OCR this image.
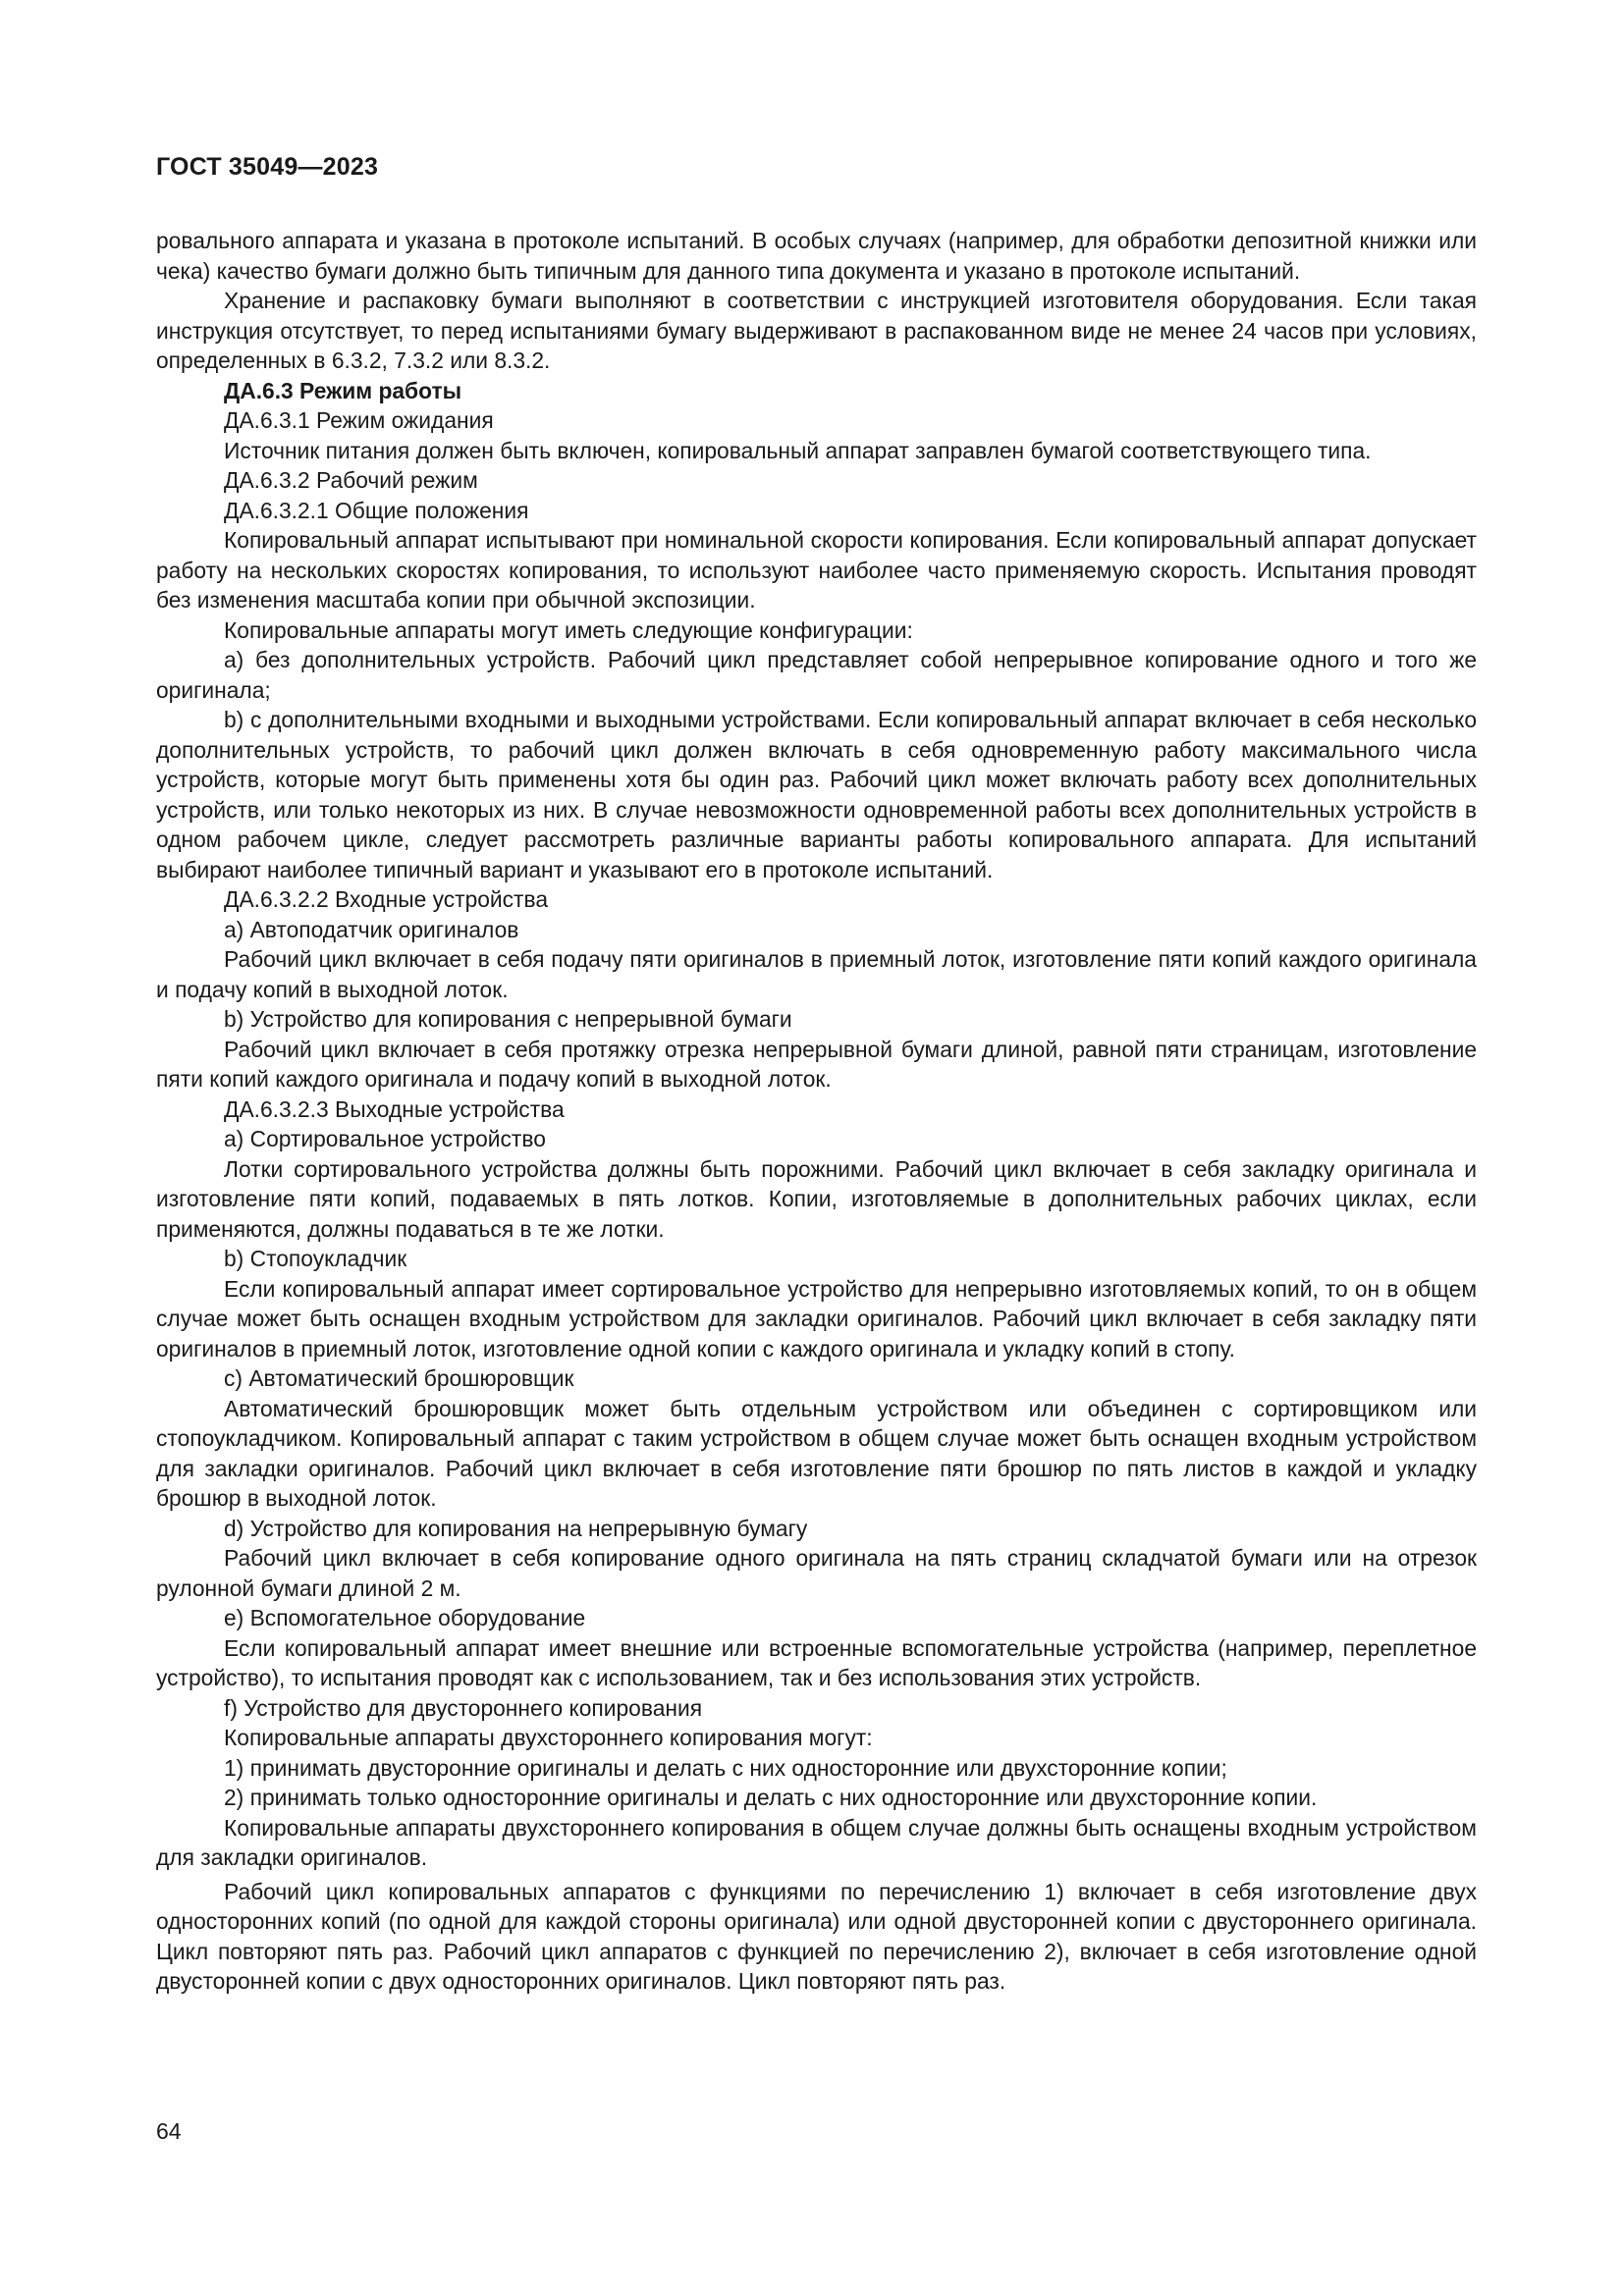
ГОСТ 35049—2023

ровального аппарата и указана в протоколе испытаний. В особых случаях (например, для обработки депозитной книжки или чека) качество бумаги должно быть типичным для данного типа документа и указано в протоколе испытаний.

Хранение и распаковку бумаги выполняют в соответствии с инструкцией изготовителя оборудования. Если такая инструкция отсутствует, то перед испытаниями бумагу выдерживают в распакованном виде не менее 24 часов при условиях, определенных в 6.3.2, 7.3.2 или 8.3.2.

ДА.6.3 Режим работы

ДА.6.3.1 Режим ожидания

Источник питания должен быть включен, копировальный аппарат заправлен бумагой соответствующего типа.

ДА.6.3.2 Рабочий режим

ДА.6.3.2.1 Общие положения

Копировальный аппарат испытывают при номинальной скорости копирования. Если копировальный аппарат допускает работу на нескольких скоростях копирования, то используют наиболее часто применяемую скорость. Испытания проводят без изменения масштаба копии при обычной экспозиции.

Копировальные аппараты могут иметь следующие конфигурации:

а) без дополнительных устройств. Рабочий цикл представляет собой непрерывное копирование одного и того же оригинала;

b) с дополнительными входными и выходными устройствами. Если копировальный аппарат включает в себя несколько дополнительных устройств, то рабочий цикл должен включать в себя одновременную работу максимального числа устройств, которые могут быть применены хотя бы один раз. Рабочий цикл может включать работу всех дополнительных устройств, или только некоторых из них. В случае невозможности одновременной работы всех дополнительных устройств в одном рабочем цикле, следует рассмотреть различные варианты работы копировального аппарата. Для испытаний выбирают наиболее типичный вариант и указывают его в протоколе испытаний.

ДА.6.3.2.2 Входные устройства

а) Автоподатчик оригиналов

Рабочий цикл включает в себя подачу пяти оригиналов в приемный лоток, изготовление пяти копий каждого оригинала и подачу копий в выходной лоток.

b) Устройство для копирования с непрерывной бумаги

Рабочий цикл включает в себя протяжку отрезка непрерывной бумаги длиной, равной пяти страницам, изготовление пяти копий каждого оригинала и подачу копий в выходной лоток.

ДА.6.3.2.3 Выходные устройства

а) Сортировальное устройство

Лотки сортировального устройства должны быть порожними. Рабочий цикл включает в себя закладку оригинала и изготовление пяти копий, подаваемых в пять лотков. Копии, изготовляемые в дополнительных рабочих циклах, если применяются, должны подаваться в те же лотки.

b) Стопоукладчик

Если копировальный аппарат имеет сортировальное устройство для непрерывно изготовляемых копий, то он в общем случае может быть оснащен входным устройством для закладки оригиналов. Рабочий цикл включает в себя закладку пяти оригиналов в приемный лоток, изготовление одной копии с каждого оригинала и укладку копий в стопу.

с) Автоматический брошюровщик

Автоматический брошюровщик может быть отдельным устройством или объединен с сортировщиком или стопоукладчиком. Копировальный аппарат с таким устройством в общем случае может быть оснащен входным устройством для закладки оригиналов. Рабочий цикл включает в себя изготовление пяти брошюр по пять листов в каждой и укладку брошюр в выходной лоток.

d) Устройство для копирования на непрерывную бумагу

Рабочий цикл включает в себя копирование одного оригинала на пять страниц складчатой бумаги или на отрезок рулонной бумаги длиной 2 м.

е) Вспомогательное оборудование

Если копировальный аппарат имеет внешние или встроенные вспомогательные устройства (например, переплетное устройство), то испытания проводят как с использованием, так и без использования этих устройств.

f) Устройство для двустороннего копирования

Копировальные аппараты двухстороннего копирования могут:

1) принимать двусторонние оригиналы и делать с них односторонние или двухсторонние копии;

2) принимать только односторонние оригиналы и делать с них односторонние или двухсторонние копии.

Копировальные аппараты двухстороннего копирования в общем случае должны быть оснащены входным устройством для закладки оригиналов.

Рабочий цикл копировальных аппаратов с функциями по перечислению 1) включает в себя изготовление двух односторонних копий (по одной для каждой стороны оригинала) или одной двусторонней копии с двустороннего оригинала. Цикл повторяют пять раз. Рабочий цикл аппаратов с функцией по перечислению 2), включает в себя изготовление одной двусторонней копии с двух односторонних оригиналов. Цикл повторяют пять раз.

64
